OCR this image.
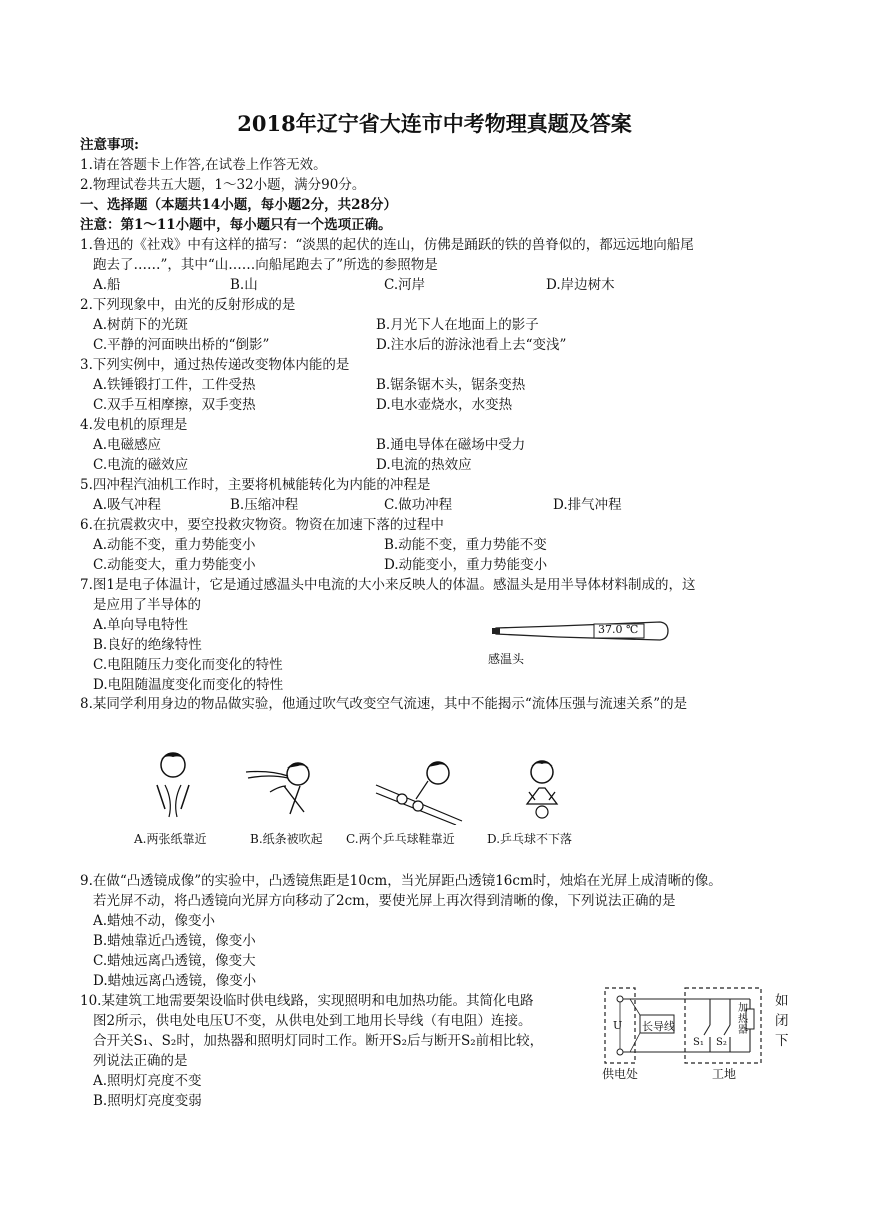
2018年辽宁省大连市中考物理真题及答案
注意事项:
1.请在答题卡上作答,在试卷上作答无效。
2.物理试卷共五大题，1～32小题，满分90分。
一、选择题（本题共14小题，每小题2分，共28分）
注意：第1～11小题中，每小题只有一个选项正确。
1.鲁迅的《社戏》中有这样的描写：“淡黑的起伏的连山，仿佛是踊跃的铁的兽脊似的，都远远地向船尾
跑去了……”，其中“山……向船尾跑去了”所选的参照物是
A.船	B.山	C.河岸	D.岸边树木
2.下列现象中，由光的反射形成的是
A.树荫下的光斑	B.月光下人在地面上的影子
C.平静的河面映出桥的“倒影”	D.注水后的游泳池看上去“变浅”
3.下列实例中，通过热传递改变物体内能的是
A.铁锤锻打工件，工件受热	B.锯条锯木头，锯条变热
C.双手互相摩擦，双手变热	D.电水壶烧水，水变热
4.发电机的原理是
A.电磁感应	B.通电导体在磁场中受力
C.电流的磁效应	D.电流的热效应
5.四冲程汽油机工作时，主要将机械能转化为内能的冲程是
A.吸气冲程	B.压缩冲程	C.做功冲程	D.排气冲程
6.在抗震救灾中，要空投救灾物资。物资在加速下落的过程中
A.动能不变，重力势能变小	B.动能不变，重力势能不变
C.动能变大，重力势能变小	D.动能变小，重力势能变小
7.图1是电子体温计，它是通过感温头中电流的大小来反映人的体温。感温头是用半导体材料制成的，这
是应用了半导体的
A.单向导电特性
B.良好的绝缘特性
C.电阻随压力变化而变化的特性
D.电阻随温度变化而变化的特性
37.0 ℃
感温头
8.某同学利用身边的物品做实验，他通过吹气改变空气流速，其中不能揭示“流体压强与流速关系”的是
A.两张纸靠近	B.纸条被吹起 C.两个乒乓球鞋靠近	D.乒乓球不下落
9.在做“凸透镜成像”的实验中，凸透镜焦距是10cm，当光屏距凸透镜16cm时，烛焰在光屏上成清晰的像。
若光屏不动，将凸透镜向光屏方向移动了2cm，要使光屏上再次得到清晰的像，下列说法正确的是
A.蜡烛不动，像变小
B.蜡烛靠近凸透镜，像变小
C.蜡烛远离凸透镜，像变大
D.蜡烛远离凸透镜，像变小
10.某建筑工地需要架设临时供电线路，实现照明和电加热功能。其简化电路
图2所示，供电处电压U不变，从供电处到工地用长导线（有电阻）连接。
合开关S₁、S₂时，加热器和照明灯同时工作。断开S₂后与断开S₂前相比较，
列说法正确的是
A.照明灯亮度不变
B.照明灯亮度变弱
U 长导线
S₁ S₂
加热器
供电处	工地
如
闭
下
